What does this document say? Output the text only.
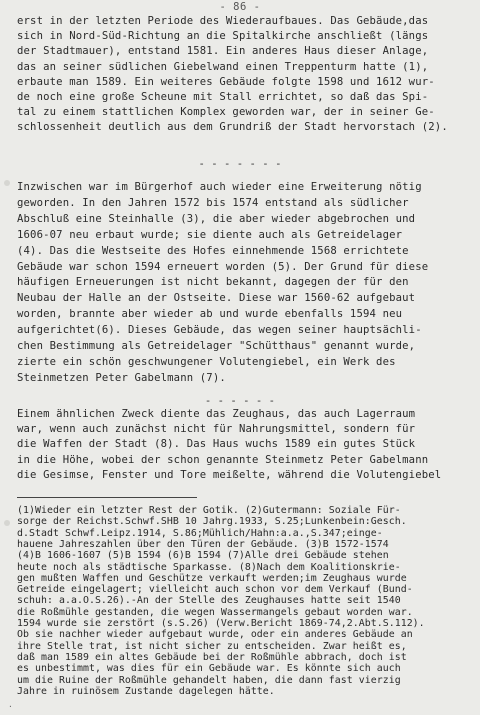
- 86 -
erst in der letzten Periode des Wiederaufbaues. Das Gebäude,das
sich in Nord-Süd-Richtung an die Spitalkirche anschließt (längs
der Stadtmauer), entstand 1581. Ein anderes Haus dieser Anlage,
das an seiner südlichen Giebelwand einen Treppenturm hatte (1),
erbaute man 1589. Ein weiteres Gebäude folgte 1598 und 1612 wur-
de noch eine große Scheune mit Stall errichtet, so daß das Spi-
tal zu einem stattlichen Komplex geworden war, der in seiner Ge-
schlossenheit deutlich aus dem Grundriß der Stadt hervorstach (2).
Inzwischen war im Bürgerhof auch wieder eine Erweiterung nötig
geworden. In den Jahren 1572 bis 1574 entstand als südlicher
Abschluß eine Steinhalle (3), die aber wieder abgebrochen und
1606-07 neu erbaut wurde; sie diente auch als Getreidelager
(4). Das die Westseite des Hofes einnehmende 1568 errichtete
Gebäude war schon 1594 erneuert worden (5). Der Grund für diese
häufigen Erneuerungen ist nicht bekannt, dagegen der für den
Neubau der Halle an der Ostseite. Diese war 1560-62 aufgebaut
worden, brannte aber wieder ab und wurde ebenfalls 1594 neu
aufgerichtet(6). Dieses Gebäude, das wegen seiner hauptsächli-
chen Bestimmung als Getreidelager "Schütthaus" genannt wurde,
zierte ein schön geschwungener Volutengiebel, ein Werk des
Steinmetzen Peter Gabelmann (7).
Einem ähnlichen Zweck diente das Zeughaus, das auch Lagerraum
war, wenn auch zunächst nicht für Nahrungsmittel, sondern für
die Waffen der Stadt (8). Das Haus wuchs 1589 ein gutes Stück
in die Höhe, wobei der schon genannte Steinmetz Peter Gabelmann
die Gesimse, Fenster und Tore meißelte, während die Volutengiebel
- - - - - - -
- - - - - -
(1)Wieder ein letzter Rest der Gotik. (2)Gutermann: Soziale Für-
sorge der Reichst.Schwf.SHB 10 Jahrg.1933, S.25;Lunkenbein:Gesch.
d.Stadt Schwf.Leipz.1914, S.86;Mühlich/Hahn:a.a.,S.347;einge-
hauene Jahreszahlen über den Türen der Gebäude. (3)B 1572-1574
(4)B 1606-1607 (5)B 1594 (6)B 1594 (7)Alle drei Gebäude stehen
heute noch als städtische Sparkasse. (8)Nach dem Koalitionskrie-
gen mußten Waffen und Geschütze verkauft werden;im Zeughaus wurde
Getreide eingelagert; vielleicht auch schon vor dem Verkauf (Bund-
schuh: a.a.O.S.26).-An der Stelle des Zeughauses hatte seit 1540
die Roßmühle gestanden, die wegen Wassermangels gebaut worden war.
1594 wurde sie zerstört (s.S.26) (Verw.Bericht 1869-74,2.Abt.S.112).
Ob sie nachher wieder aufgebaut wurde, oder ein anderes Gebäude an
ihre Stelle trat, ist nicht sicher zu entscheiden. Zwar heißt es,
daß man 1589 ein altes Gebäude bei der Roßmühle abbrach, doch ist
es unbestimmt, was dies für ein Gebäude war. Es könnte sich auch
um die Ruine der Roßmühle gehandelt haben, die dann fast vierzig
Jahre in ruinösem Zustande dagelegen hätte.
·
